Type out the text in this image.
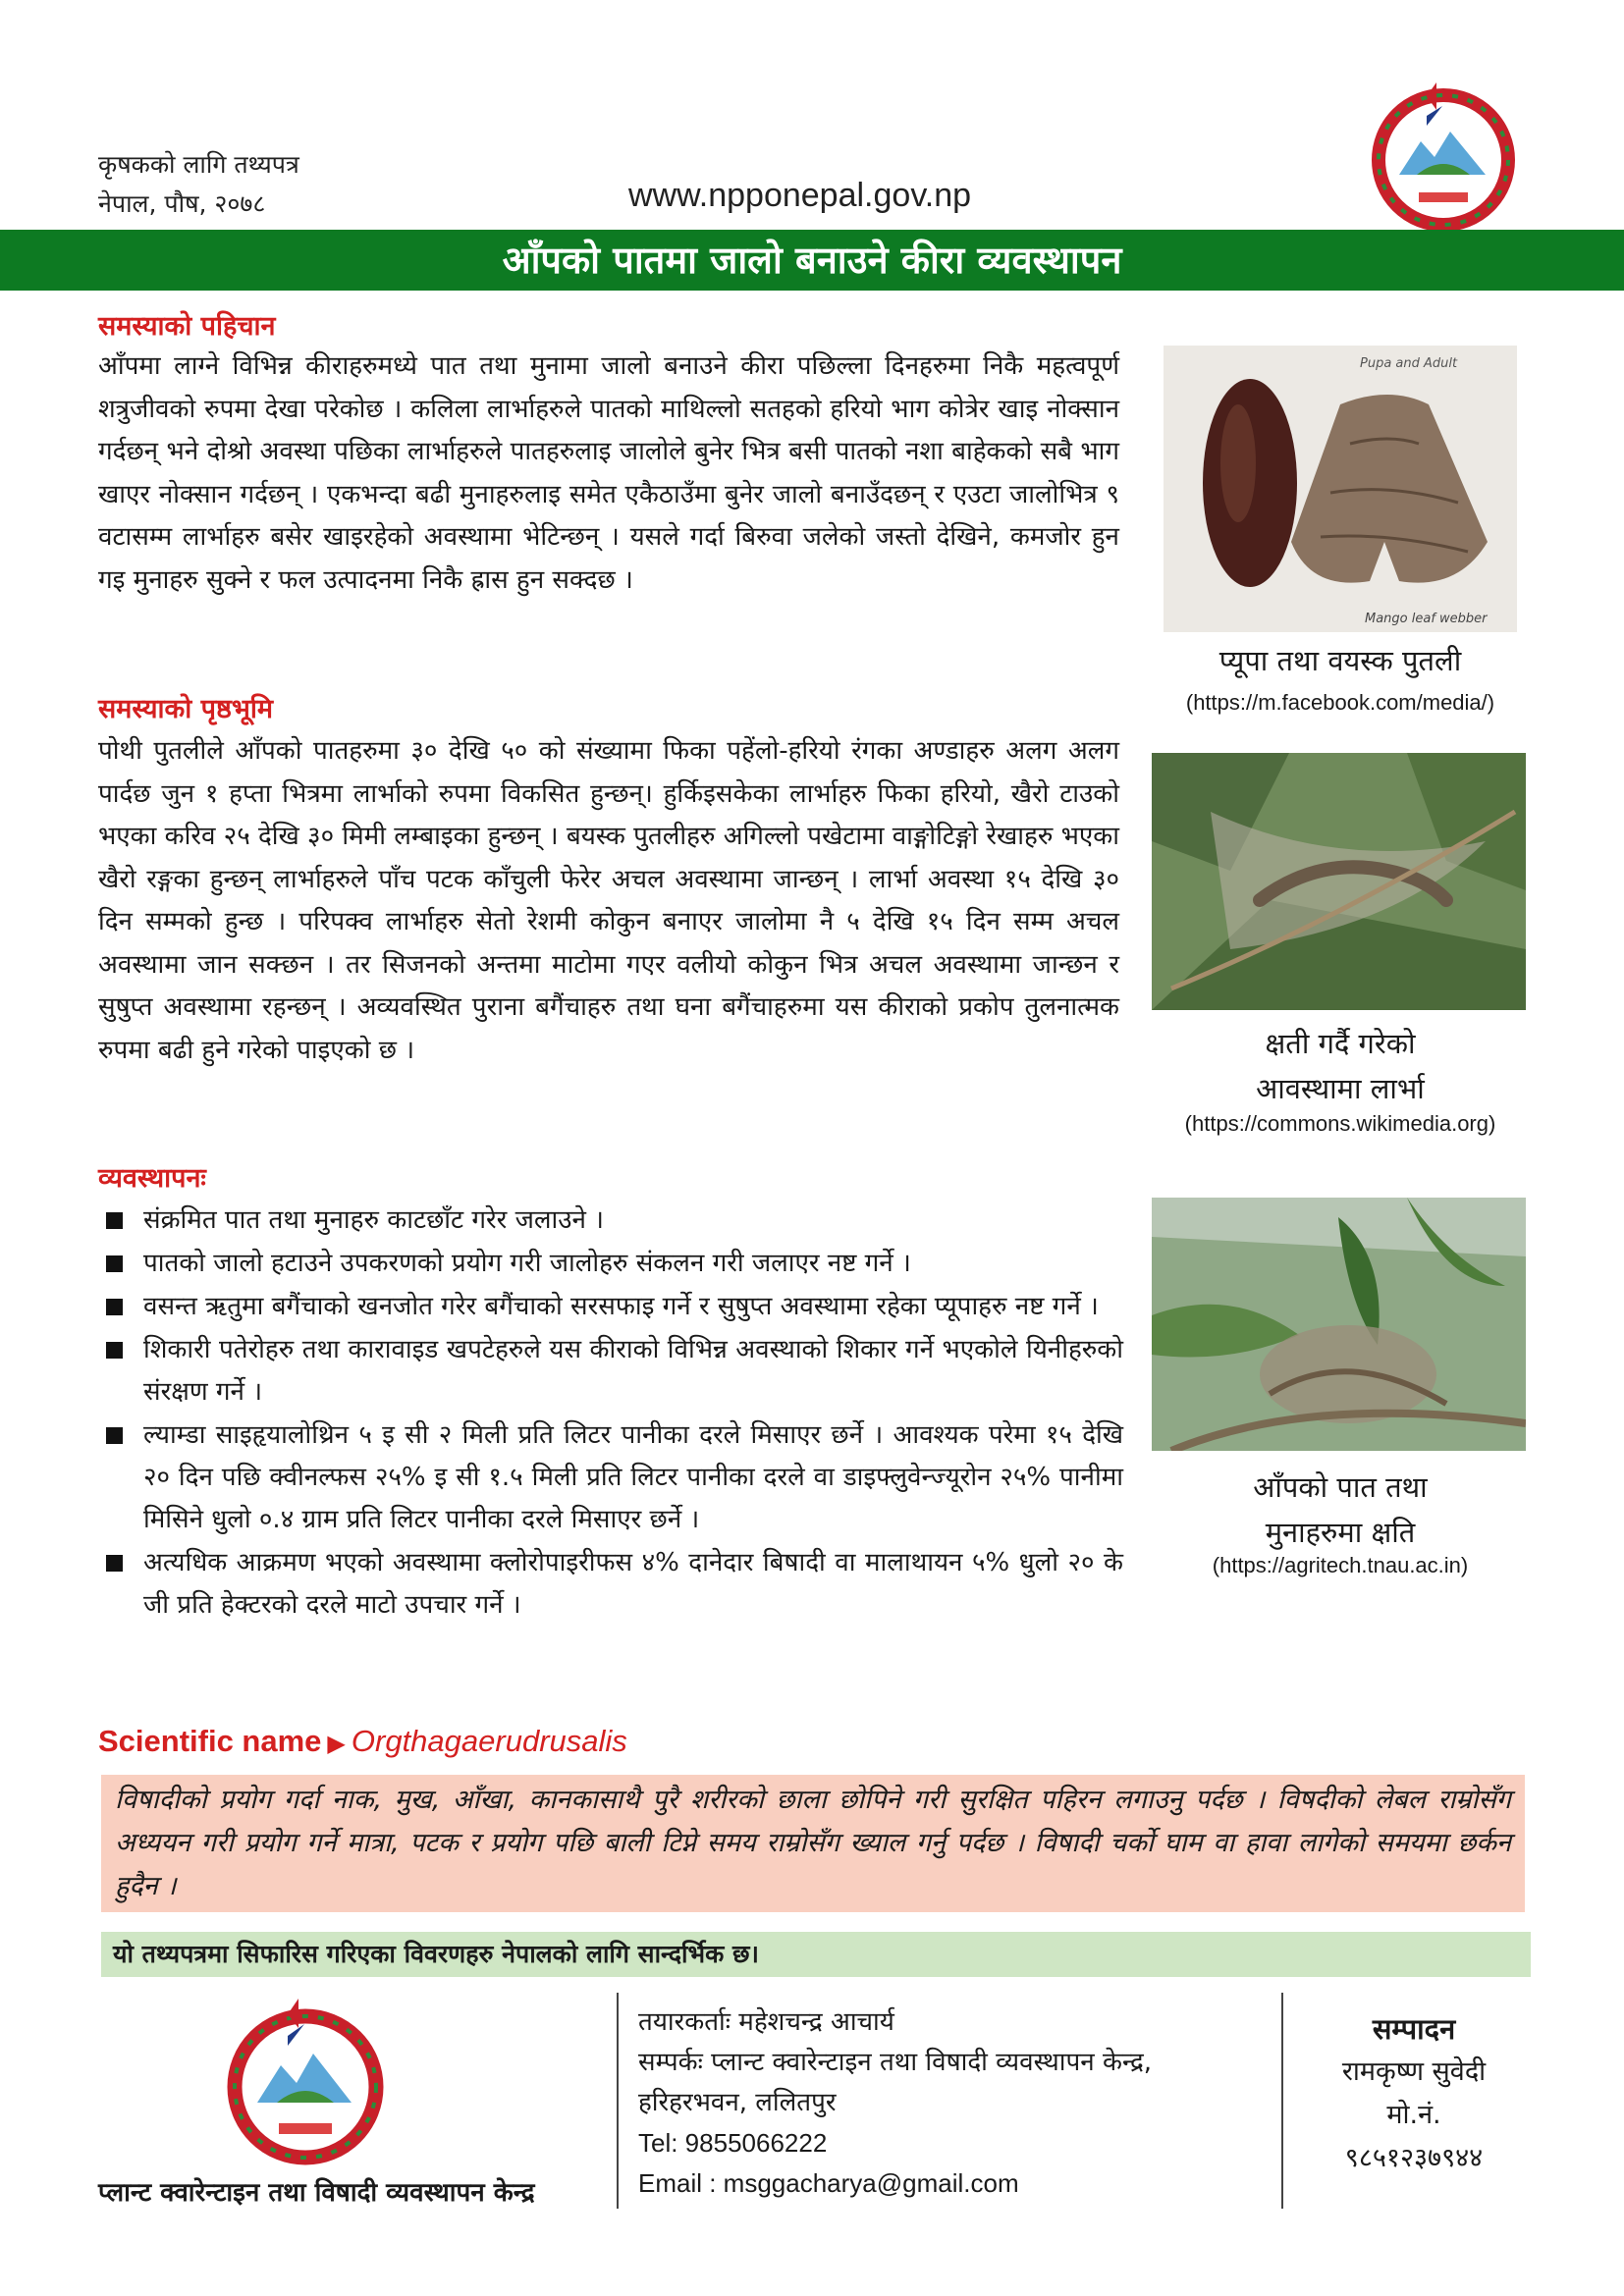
कृषकको लागि तथ्यपत्र
नेपाल, पौष, २०७८	www.npponepal.gov.np
आँपको पातमा जालो बनाउने कीरा व्यवस्थापन
समस्याको पहिचान
आँपमा लाग्ने विभिन्न कीराहरुमध्ये पात तथा मुनामा जालो बनाउने कीरा पछिल्ला दिनहरुमा निकै महत्वपूर्ण शत्रुजीवको रुपमा देखा परेकोछ । कलिला लार्भाहरुले पातको माथिल्लो सतहको हरियो भाग कोत्रेर खाइ नोक्सान गर्दछन् भने दोश्रो अवस्था पछिका लार्भाहरुले पातहरुलाइ जालोले बुनेर भित्र बसी पातको नशा बाहेकको सबै भाग खाएर नोक्सान गर्दछन् । एकभन्दा बढी मुनाहरुलाइ समेत एकैठाउँमा बुनेर जालो बनाउँदछन् र एउटा जालोभित्र ९ वटासम्म लार्भाहरु बसेर खाइरहेको अवस्थामा भेटिन्छन् । यसले गर्दा बिरुवा जलेको जस्तो देखिने, कमजोर हुन गइ मुनाहरु सुक्ने र फल उत्पादनमा निकै ह्रास हुन सक्दछ ।
समस्याको पृष्ठभूमि
पोथी पुतलीले आँपको पातहरुमा ३० देखि ५० को संख्यामा फिका पहेंलो-हरियो रंगका अण्डाहरु अलग अलग पार्दछ जुन १ हप्ता भित्रमा लार्भाको रुपमा विकसित हुन्छन्। हुर्किइसकेका लार्भाहरु फिका हरियो, खैरो टाउको भएका करिव २५ देखि ३० मिमी लम्बाइका हुन्छन् । बयस्क पुतलीहरु अगिल्लो पखेटामा वाङ्गोटिङ्गो रेखाहरु भएका खैरो रङ्गका हुन्छन् लार्भाहरुले पाँच पटक काँचुली फेरेर अचल अवस्थामा जान्छन् । लार्भा अवस्था १५ देखि ३० दिन सम्मको हुन्छ । परिपक्व लार्भाहरु सेतो रेशमी कोकुन बनाएर जालोमा नै ५ देखि १५ दिन सम्म अचल अवस्थामा जान सक्छन । तर सिजनको अन्तमा माटोमा गएर वलीयो कोकुन भित्र अचल अवस्थामा जान्छन र सुषुप्त अवस्थामा रहन्छन् । अव्यवस्थित पुराना बगैंचाहरु तथा घना बगैंचाहरुमा यस कीराको प्रकोप तुलनात्मक रुपमा बढी हुने गरेको पाइएको छ ।
व्यवस्थापनः
संक्रमित पात तथा मुनाहरु काटछाँट गरेर जलाउने ।
पातको जालो हटाउने उपकरणको प्रयोग गरी जालोहरु संकलन गरी जलाएर नष्ट गर्ने ।
वसन्त ऋतुमा बगैंचाको खनजोत गरेर बगैंचाको सरसफाइ गर्ने र सुषुप्त अवस्थामा रहेका प्यूपाहरु नष्ट गर्ने ।
शिकारी पतेरोहरु तथा कारावाइड खपटेहरुले यस कीराको विभिन्न अवस्थाको शिकार गर्ने भएकोले यिनीहरुको संरक्षण गर्ने ।
ल्याम्डा साइहृयालोथ्रिन ५ इ सी २ मिली प्रति लिटर पानीका दरले मिसाएर छर्ने । आवश्यक परेमा १५ देखि २० दिन पछि क्वीनल्फस २५% इ सी १.५ मिली प्रति लिटर पानीका दरले वा डाइफ्लुवेन्ज्यूरोन २५% पानीमा मिसिने धुलो ०.४ ग्राम प्रति लिटर पानीका दरले मिसाएर छर्ने ।
अत्यधिक आक्रमण भएको अवस्थामा क्लोरोपाइरीफस ४% दानेदार बिषादी वा मालाथायन ५% धुलो २० के जी प्रति हेक्टरको दरले माटो उपचार गर्ने ।
Pupa and Adult
Mango leaf webber
प्यूपा तथा वयस्क पुतली
(https://m.facebook.com/media/)
क्षती गर्दै गरेको
आवस्थामा लार्भा
(https://commons.wikimedia.org)
आँपको पात तथा
मुनाहरुमा क्षति
(https://agritech.tnau.ac.in)
Scientific name ▶ Orgthagaerudrusalis
विषादीको प्रयोग गर्दा नाक, मुख, आँखा, कानकासाथै पुरै शरीरको छाला छोपिने गरी सुरक्षित पहिरन लगाउनु पर्दछ । विषदीको लेबल राम्रोसँग अध्ययन गरी प्रयोग गर्ने मात्रा, पटक र प्रयोग पछि बाली टिप्ने समय राम्रोसँग ख्याल गर्नु पर्दछ । विषादी चर्को घाम वा हावा लागेको समयमा छर्कन हुदैन ।
यो तथ्यपत्रमा सिफारिस गरिएका विवरणहरु नेपालको लागि सान्दर्भिक छ।
प्लान्ट क्वारेन्टाइन तथा विषादी व्यवस्थापन केन्द्र
तयारकर्ताः महेशचन्द्र आचार्य
सम्पर्कः प्लान्ट क्वारेन्टाइन तथा विषादी व्यवस्थापन केन्द्र,
हरिहरभवन, ललितपुर
Tel: 9855066222
Email : msggacharya@gmail.com
सम्पादन
रामकृष्ण सुवेदी
मो.नं.
९८५१२३७९४४
